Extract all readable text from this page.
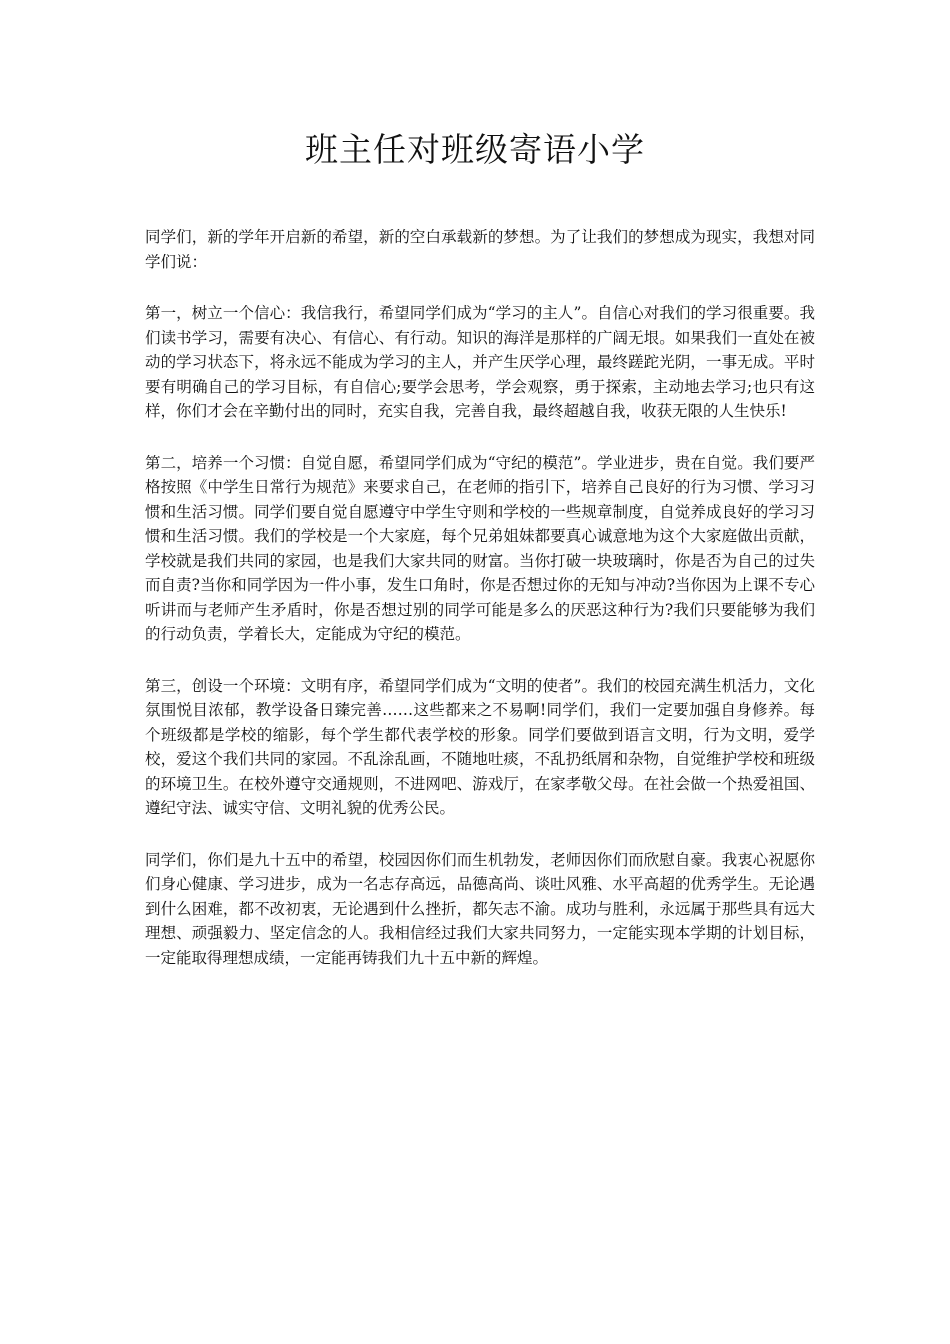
班主任对班级寄语小学

同学们，新的学年开启新的希望，新的空白承载新的梦想。为了让我们的梦想成为现实，我想对同学们说：

第一，树立一个信心：我信我行，希望同学们成为“学习的主人”。自信心对我们的学习很重要。我们读书学习，需要有决心、有信心、有行动。知识的海洋是那样的广阔无垠。如果我们一直处在被动的学习状态下，将永远不能成为学习的主人，并产生厌学心理，最终蹉跎光阴，一事无成。平时要有明确自己的学习目标，有自信心;要学会思考，学会观察，勇于探索，主动地去学习;也只有这样，你们才会在辛勤付出的同时，充实自我，完善自我，最终超越自我，收获无限的人生快乐!

第二，培养一个习惯：自觉自愿，希望同学们成为“守纪的模范”。学业进步，贵在自觉。我们要严格按照《中学生日常行为规范》来要求自己，在老师的指引下，培养自己良好的行为习惯、学习习惯和生活习惯。同学们要自觉自愿遵守中学生守则和学校的一些规章制度，自觉养成良好的学习习惯和生活习惯。我们的学校是一个大家庭，每个兄弟姐妹都要真心诚意地为这个大家庭做出贡献，学校就是我们共同的家园，也是我们大家共同的财富。当你打破一块玻璃时，你是否为自己的过失而自责?当你和同学因为一件小事，发生口角时，你是否想过你的无知与冲动?当你因为上课不专心听讲而与老师产生矛盾时，你是否想过别的同学可能是多么的厌恶这种行为?我们只要能够为我们的行动负责，学着长大，定能成为守纪的模范。

第三，创设一个环境：文明有序，希望同学们成为“文明的使者”。我们的校园充满生机活力，文化氛围悦目浓郁，教学设备日臻完善……这些都来之不易啊!同学们，我们一定要加强自身修养。每个班级都是学校的缩影，每个学生都代表学校的形象。同学们要做到语言文明，行为文明，爱学校，爱这个我们共同的家园。不乱涂乱画，不随地吐痰，不乱扔纸屑和杂物，自觉维护学校和班级的环境卫生。在校外遵守交通规则，不进网吧、游戏厅，在家孝敬父母。在社会做一个热爱祖国、遵纪守法、诚实守信、文明礼貌的优秀公民。

同学们，你们是九十五中的希望，校园因你们而生机勃发，老师因你们而欣慰自豪。我衷心祝愿你们身心健康、学习进步，成为一名志存高远，品德高尚、谈吐风雅、水平高超的优秀学生。无论遇到什么困难，都不改初衷，无论遇到什么挫折，都矢志不渝。成功与胜利，永远属于那些具有远大理想、顽强毅力、坚定信念的人。我相信经过我们大家共同努力，一定能实现本学期的计划目标，一定能取得理想成绩，一定能再铸我们九十五中新的辉煌。
